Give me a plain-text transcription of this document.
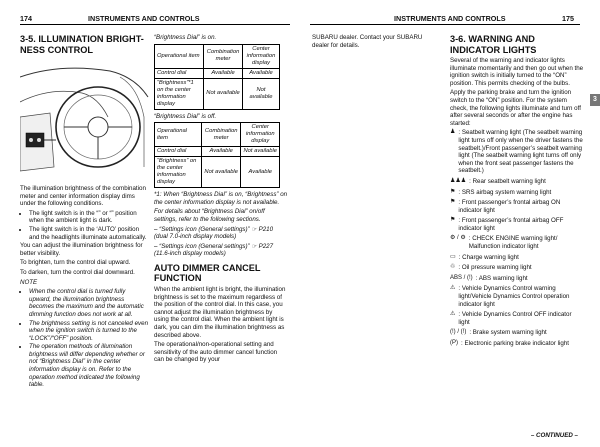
174	INSTRUMENTS AND CONTROLS
3-5. ILLUMINATION BRIGHT-
NESS CONTROL

The illumination brightness of the combination meter and center information display dims under the following conditions.

• The light switch is in the “” or “” position when the ambient light is dark.
• The light switch is in the ‘AUTO’ position and the headlights illuminate automatically.

You can adjust the illumination brightness for better visibility.

To brighten, turn the control dial upward.

To darken, turn the control dial downward.

NOTE

• When the control dial is turned fully upward, the illumination brightness becomes the maximum and the automatic dimming function does not work at all.
• The brightness setting is not canceled even when the ignition switch is turned to the “LOCK”/“OFF” position.
• The operation methods of illumination brightness will differ depending whether or not “Brightness Dial” in the center information display is on. Refer to the operation method indicated the following table.

“Brightness Dial” is on.

Operational item	Combination meter	Center information display
Control dial	Available	Available
“Brightness”*1 on the center information display	Not available	Not available

“Brightness Dial” is off.

Operational item	Combination meter	Center information display
Control dial	Available	Not available
“Brightness” on the center information display	Not available	Available

*1: When “Brightness Dial” is on, “Brightness” on the center information display is not available.

For details about “Brightness Dial” on/off settings, refer to the following sections.

– “Settings icon (General settings)” ☞ P210 (dual 7.0-inch display models)

– “Settings icon (General settings)” ☞ P227 (11.6-inch display models)

AUTO DIMMER CANCEL FUNCTION

When the ambient light is bright, the illumination brightness is set to the maximum regardless of the position of the control dial. In this case, you cannot adjust the illumination brightness by using the control dial. When the ambient light is dark, you can dim the illumination brightness as described above.

The operational/non-operational setting and sensitivity of the auto dimmer cancel function can be changed by your

INSTRUMENTS AND CONTROLS	175

SUBARU dealer. Contact your SUBARU dealer for details.

3-6. WARNING AND INDICATOR LIGHTS

Several of the warning and indicator lights illuminate momentarily and then go out when the ignition switch is initially turned to the “ON” position. This permits checking of the bulbs.

Apply the parking brake and turn the ignition switch to the “ON” position. For the system check, the following lights illuminate and turn off after several seconds or after the engine has started:

♟ : Seatbelt warning light (The seatbelt warning light turns off only when the driver fastens the seatbelt.)/Front passenger’s seatbelt warning light (The seatbelt warning light turns off only when the front seat passenger fastens the seatbelt.)
♟♟♟ : Rear seatbelt warning light
⚑ : SRS airbag system warning light
⚑ : Front passenger’s frontal airbag ON indicator light
⚑ : Front passenger’s frontal airbag OFF indicator light
⚙ / ⚙ : CHECK ENGINE warning light/ Malfunction indicator light
▭ : Charge warning light
♲ : Oil pressure warning light
ABS / (!) : ABS warning light
⚠ : Vehicle Dynamics Control warning light/Vehicle Dynamics Control operation indicator light
⚠ : Vehicle Dynamics Control OFF indicator light
(!) / (!) : Brake system warning light
(P) : Electronic parking brake indicator light
3
– CONTINUED –
